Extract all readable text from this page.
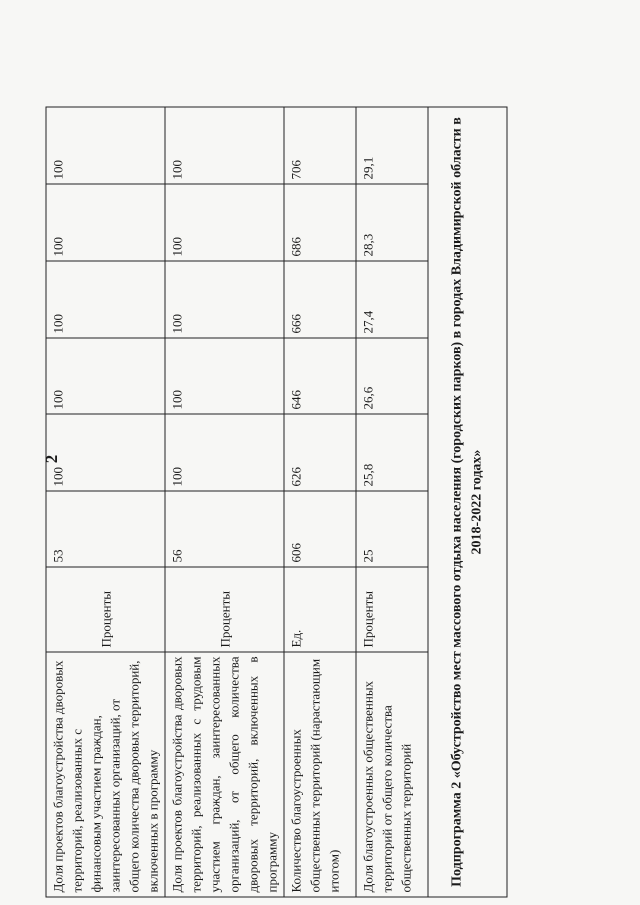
2
Доля проектов благоустройства дворовых территорий, реализованных с финансовым участием граждан, заинтересованных организаций, от общего количества дворовых территорий, включенных в программу	Проценты	53	100	100	100	100	100
Доля проектов благоустройства дворовых территорий, реализованных с трудовым участием граждан, заинтересованных организаций, от общего количества дворовых территорий, включенных в программу	Проценты	56	100	100	100	100	100
Количество благоустроенных общественных территорий (нарастающим итогом)	Ед.	606	626	646	666	686	706
Доля благоустроенных общественных территорий от общего количества общественных территорий	Проценты	25	25,8	26,6	27,4	28,3	29,1
Подпрограмма 2 «Обустройство мест массового отдыха населения (городских парков) в городах Владимирской области в 2018-2022 годах»							
